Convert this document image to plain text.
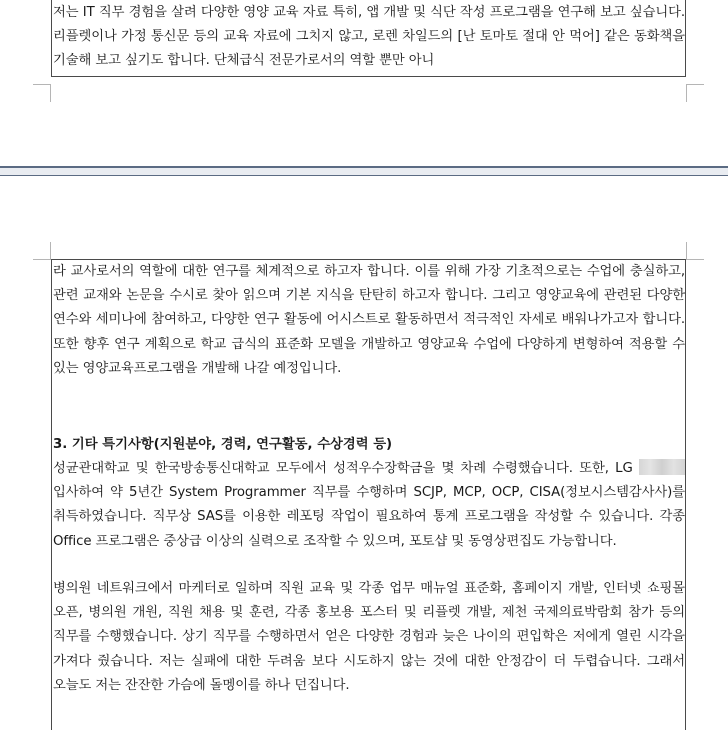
저는 IT 직무 경험을 살려 다양한 영양 교육 자료 특히, 앱 개발 및 식단 작성 프로그램을 연구해 보고 싶습니다. 리플렛이나 가정 통신문 등의 교육 자료에 그치지 않고, 로렌 차일드의 [난 토마토 절대 안 먹어] 같은 동화책을 기술해 보고 싶기도 합니다. 단체급식 전문가로서의 역할 뿐만 아니

라 교사로서의 역할에 대한 연구를 체계적으로 하고자 합니다. 이를 위해 가장 기초적으로는 수업에 충실하고, 관련 교재와 논문을 수시로 찾아 읽으며 기본 지식을 탄탄히 하고자 합니다. 그리고 영양교육에 관련된 다양한 연수와 세미나에 참여하고, 다양한 연구 활동에 어시스트로 활동하면서 적극적인 자세로 배워나가고자 합니다. 또한 향후 연구 계획으로 학교 급식의 표준화 모델을 개발하고 영양교육 수업에 다양하게 변형하여 적용할 수 있는 영양교육프로그램을 개발해 나갈 예정입니다.

3. 기타 특기사항(지원분야, 경력, 연구활동, 수상경력 등)

성균관대학교 및 한국방송통신대학교 모두에서 성적우수장학금을 몇 차례 수령했습니다. 또한, LG 입사하여 약 5년간 System Programmer 직무를 수행하며 SCJP, MCP, OCP, CISA(정보시스템감사사)를 취득하였습니다. 직무상 SAS를 이용한 레포팅 작업이 필요하여 통계 프로그램을 작성할 수 있습니다. 각종 Office 프로그램은 중상급 이상의 실력으로 조작할 수 있으며, 포토샵 및 동영상편집도 가능합니다.

병의원 네트워크에서 마케터로 일하며 직원 교육 및 각종 업무 매뉴얼 표준화, 홈페이지 개발, 인터넷 쇼핑몰 오픈, 병의원 개원, 직원 채용 및 훈련, 각종 홍보용 포스터 및 리플렛 개발, 제천 국제의료박람회 참가 등의 직무를 수행했습니다. 상기 직무를 수행하면서 얻은 다양한 경험과 늦은 나이의 편입학은 저에게 열린 시각을 가져다 줬습니다. 저는 실패에 대한 두려움 보다 시도하지 않는 것에 대한 안정감이 더 두렵습니다. 그래서 오늘도 저는 잔잔한 가슴에 돌멩이를 하나 던집니다.
